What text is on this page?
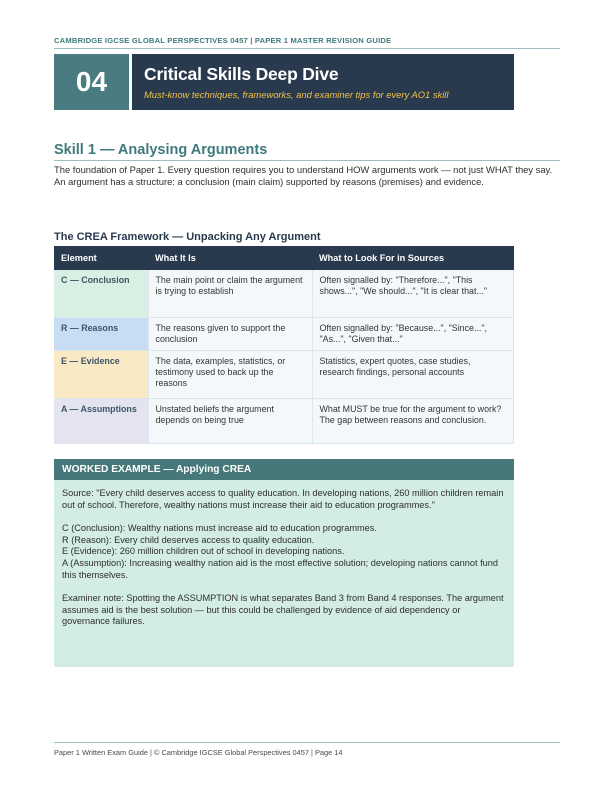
CAMBRIDGE IGCSE GLOBAL PERSPECTIVES 0457 | PAPER 1 MASTER REVISION GUIDE
04	Critical Skills Deep Dive
Must-know techniques, frameworks, and examiner tips for every AO1 skill
Skill 1 — Analysing Arguments
The foundation of Paper 1. Every question requires you to understand HOW arguments work — not just WHAT they say. An argument has a structure: a conclusion (main claim) supported by reasons (premises) and evidence.
The CREA Framework — Unpacking Any Argument
Element	What It Is	What to Look For in Sources
C — Conclusion	The main point or claim the argument is trying to establish	Often signalled by: "Therefore...", "This shows...", "We should...", "It is clear that..."
R — Reasons	The reasons given to support the conclusion	Often signalled by: "Because...", "Since...", "As...", "Given that..."
E — Evidence	The data, examples, statistics, or testimony used to back up the reasons	Statistics, expert quotes, case studies, research findings, personal accounts
A — Assumptions	Unstated beliefs the argument depends on being true	What MUST be true for the argument to work? The gap between reasons and conclusion.
WORKED EXAMPLE — Applying CREA

Source: "Every child deserves access to quality education. In developing nations, 260 million children remain out of school. Therefore, wealthy nations must increase their aid to education programmes."

C (Conclusion): Wealthy nations must increase aid to education programmes.

R (Reason): Every child deserves access to quality education.

E (Evidence): 260 million children out of school in developing nations.

A (Assumption): Increasing wealthy nation aid is the most effective solution; developing nations cannot fund this themselves.

Examiner note: Spotting the ASSUMPTION is what separates Band 3 from Band 4 responses. The argument assumes aid is the best solution — but this could be challenged by evidence of aid dependency or governance failures.

Paper 1 Written Exam Guide | © Cambridge IGCSE Global Perspectives 0457 | Page 14
